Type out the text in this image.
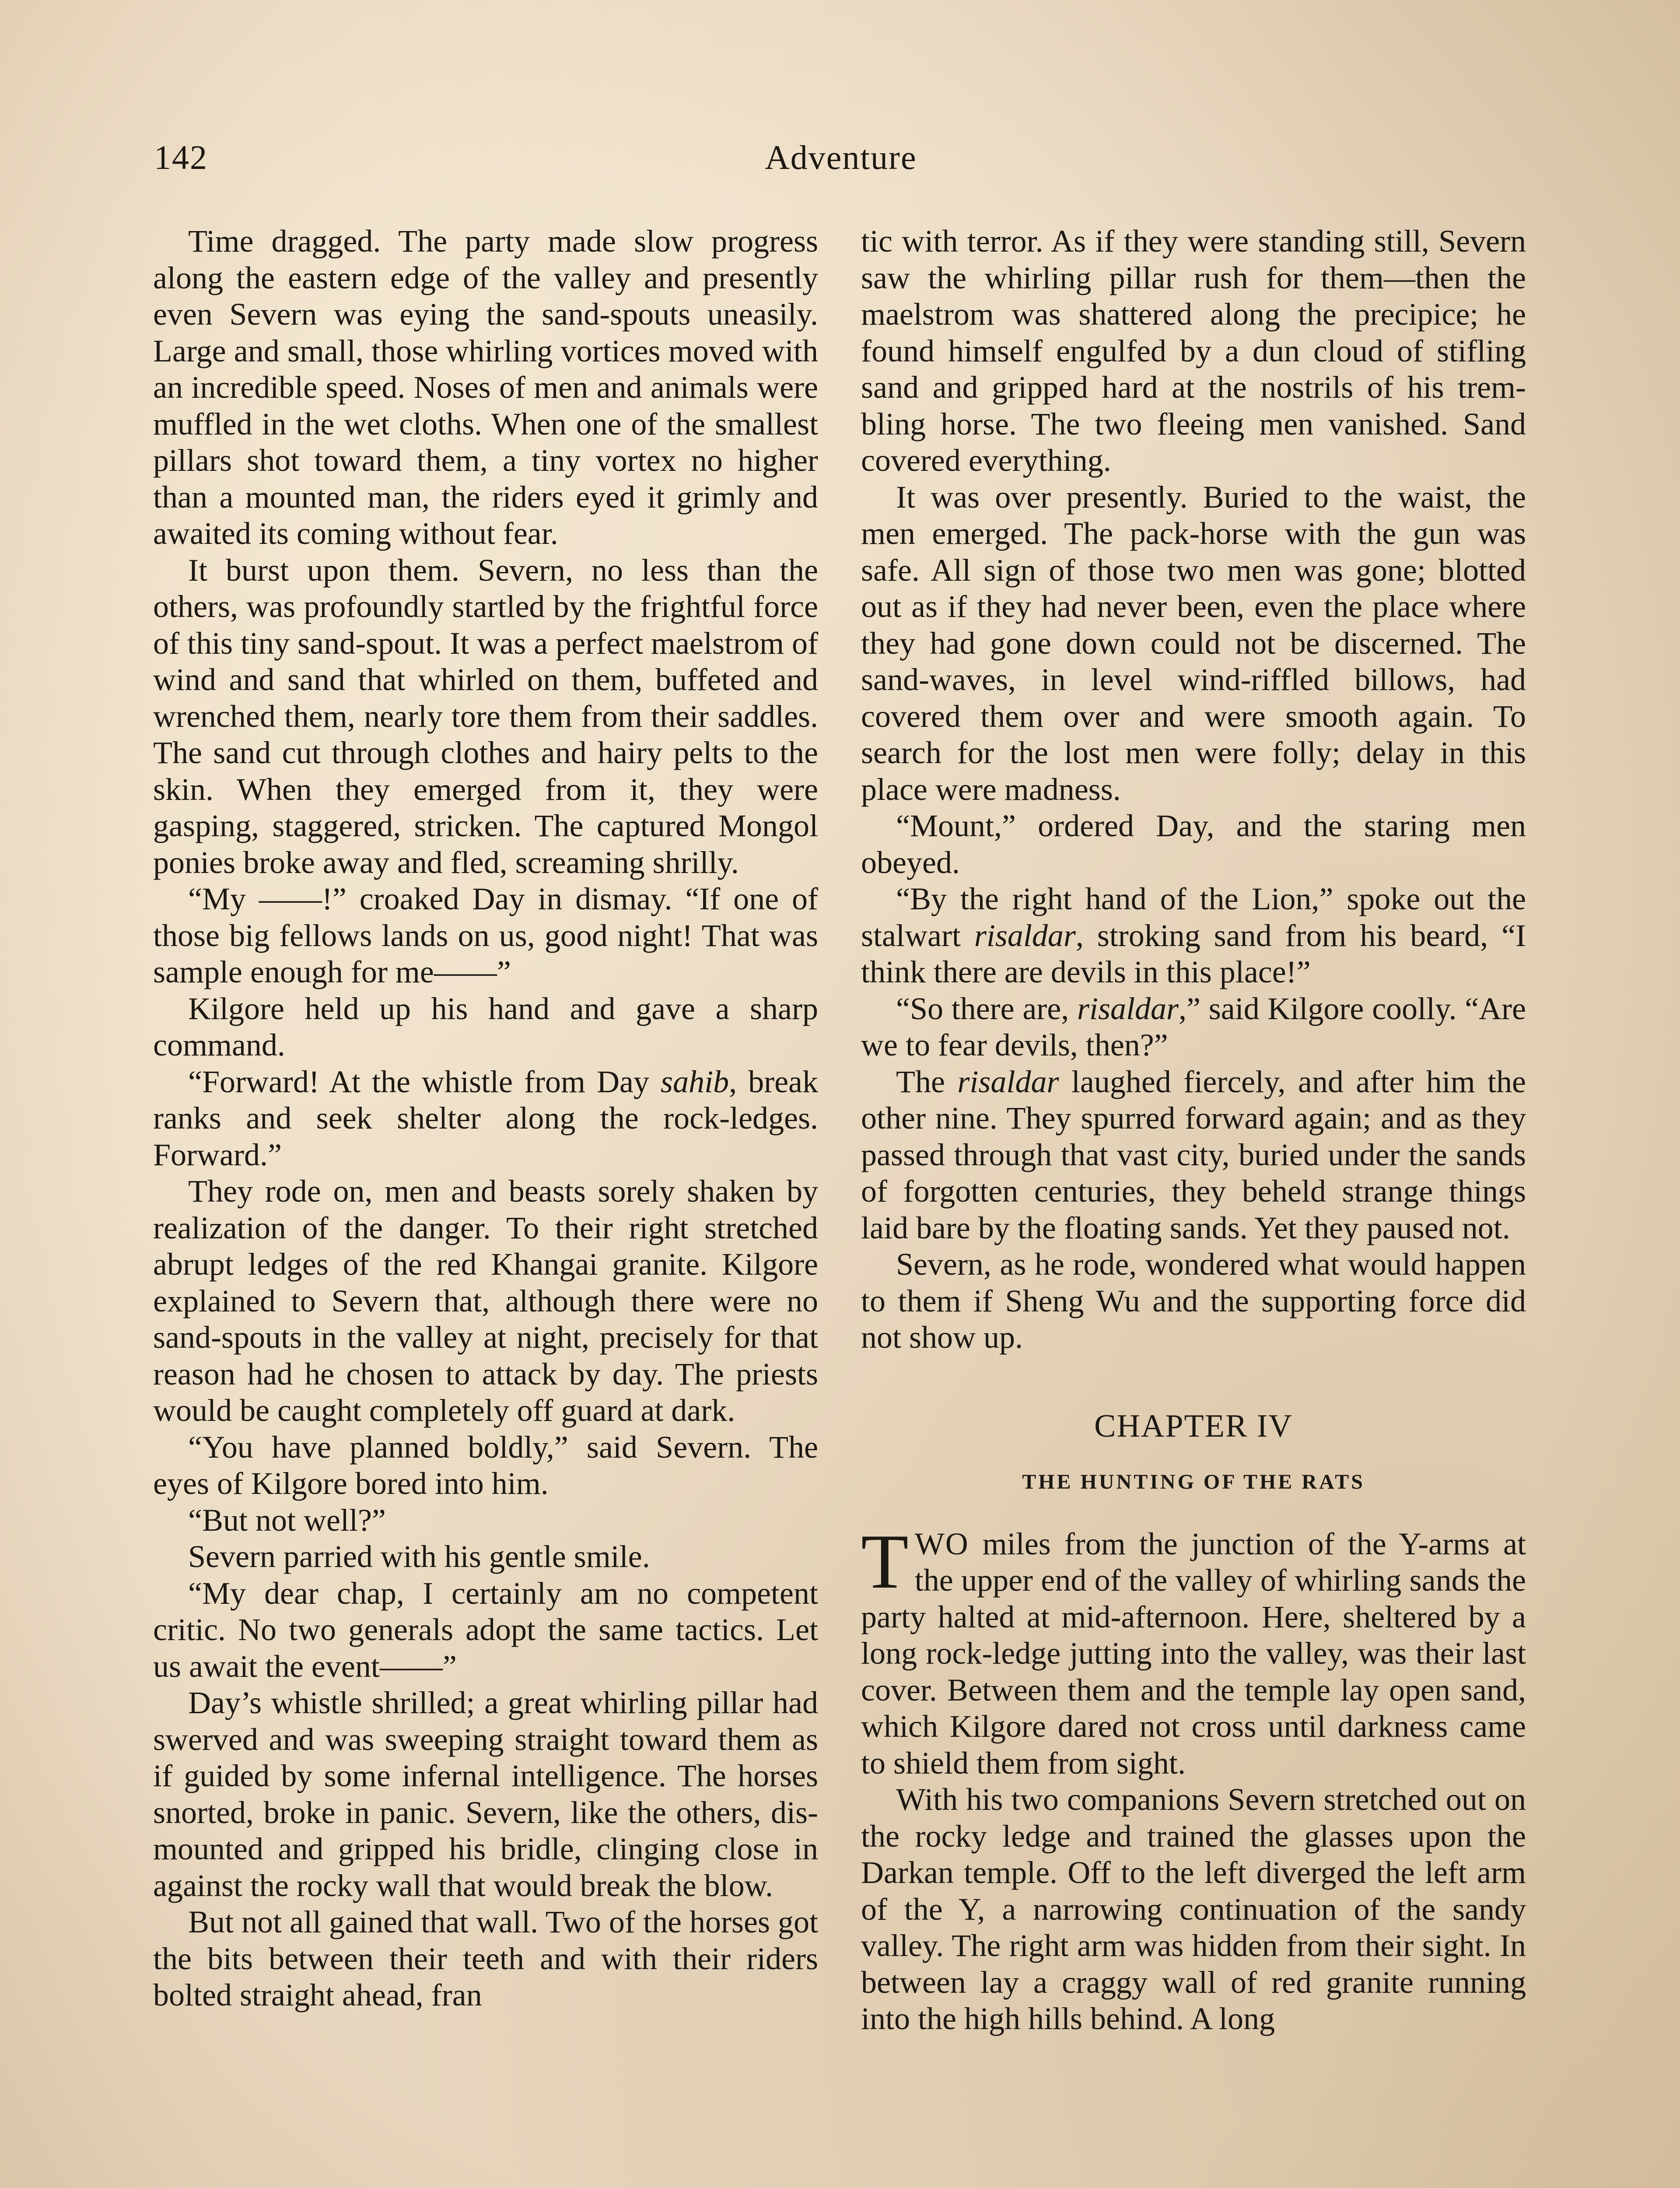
142	Adventure

Time dragged. The party made slow progress along the eastern edge of the valley and presently even Severn was eying the sand-spouts uneasily. Large and small, those whirling vortices moved with an incredible speed. Noses of men and animals were muffled in the wet cloths. When one of the smallest pillars shot toward them, a tiny vortex no higher than a mounted man, the riders eyed it grimly and awaited its coming without fear.

It burst upon them. Severn, no less than the others, was profoundly startled by the frightful force of this tiny sand-spout. It was a perfect maelstrom of wind and sand that whirled on them, buffeted and wrenched them, nearly tore them from their saddles. The sand cut through clothes and hairy pelts to the skin. When they emerged from it, they were gasping, staggered, stricken. The captured Mongol ponies broke away and fled, screaming shrilly.

“My ——!” croaked Day in dismay. “If one of those big fellows lands on us, good night! That was sample enough for me——”

Kilgore held up his hand and gave a sharp command.

“Forward! At the whistle from Day sahib, break ranks and seek shelter along the rock-ledges. Forward.”

They rode on, men and beasts sorely shaken by realization of the danger. To their right stretched abrupt ledges of the red Khangai granite. Kilgore explained to Severn that, although there were no sand-spouts in the valley at night, precisely for that reason had he chosen to attack by day. The priests would be caught completely off guard at dark.

“You have planned boldly,” said Severn. The eyes of Kilgore bored into him.

“But not well?”

Severn parried with his gentle smile.

“My dear chap, I certainly am no competent critic. No two generals adopt the same tactics. Let us await the event——”

Day’s whistle shrilled; a great whirling pillar had swerved and was sweeping straight toward them as if guided by some infernal intelligence. The horses snorted, broke in panic. Severn, like the others, dismounted and gripped his bridle, clinging close in against the rocky wall that would break the blow.

But not all gained that wall. Two of the horses got the bits between their teeth and with their riders bolted straight ahead, fran

tic with terror. As if they were standing still, Severn saw the whirling pillar rush for them—then the maelstrom was shattered along the precipice; he found himself engulfed by a dun cloud of stifling sand and gripped hard at the nostrils of his trembling horse. The two fleeing men vanished. Sand covered everything.

It was over presently. Buried to the waist, the men emerged. The pack-horse with the gun was safe. All sign of those two men was gone; blotted out as if they had never been, even the place where they had gone down could not be discerned. The sand-waves, in level wind-riffled billows, had covered them over and were smooth again. To search for the lost men were folly; delay in this place were madness.

“Mount,” ordered Day, and the staring men obeyed.

“By the right hand of the Lion,” spoke out the stalwart risaldar, stroking sand from his beard, “I think there are devils in this place!”

“So there are, risaldar,” said Kilgore coolly. “Are we to fear devils, then?”

The risaldar laughed fiercely, and after him the other nine. They spurred forward again; and as they passed through that vast city, buried under the sands of forgotten centuries, they beheld strange things laid bare by the floating sands. Yet they paused not.

Severn, as he rode, wondered what would happen to them if Sheng Wu and the supporting force did not show up.

CHAPTER IV

THE HUNTING OF THE RATS

TWO miles from the junction of the Y-arms at the upper end of the valley of whirling sands the party halted at mid-afternoon. Here, sheltered by a long rock-ledge jutting into the valley, was their last cover. Between them and the temple lay open sand, which Kilgore dared not cross until darkness came to shield them from sight.

With his two companions Severn stretched out on the rocky ledge and trained the glasses upon the Darkan temple. Off to the left diverged the left arm of the Y, a narrowing continuation of the sandy valley. The right arm was hidden from their sight. In between lay a craggy wall of red granite running into the high hills behind. A long
